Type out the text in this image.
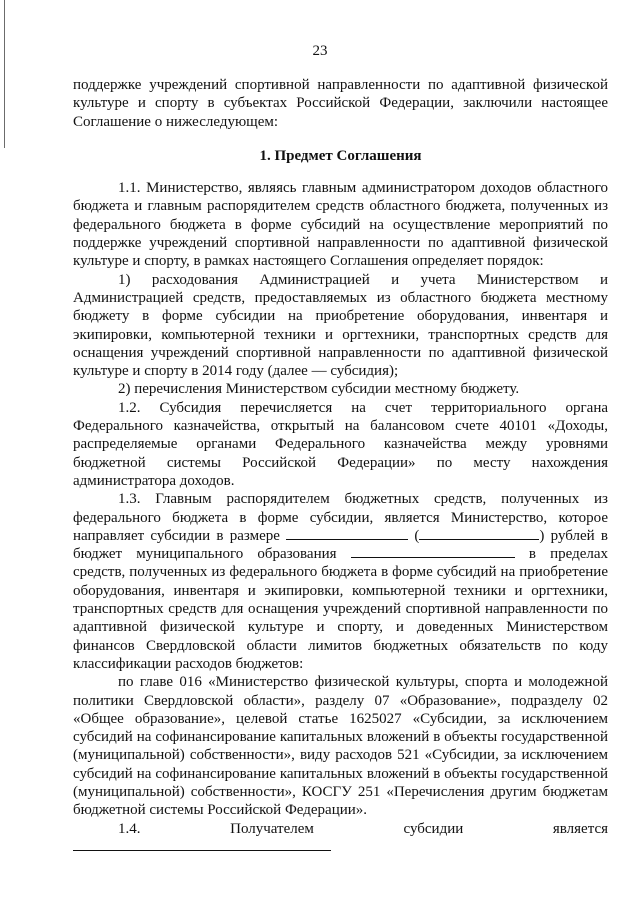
23

поддержке учреждений спортивной направленности по адаптивной физической культуре и спорту в субъектах Российской Федерации, заключили настоящее Соглашение о нижеследующем:

1. Предмет Соглашения

1.1. Министерство, являясь главным администратором доходов областного бюджета и главным распорядителем средств областного бюджета, полученных из федерального бюджета в форме субсидий на осуществление мероприятий по поддержке учреждений спортивной направленности по адаптивной физической культуре и спорту, в рамках настоящего Соглашения определяет порядок:

1) расходования Администрацией и учета Министерством и Администрацией средств, предоставляемых из областного бюджета местному бюджету в форме субсидии на приобретение оборудования, инвентаря и экипировки, компьютерной техники и оргтехники, транспортных средств для оснащения учреждений спортивной направленности по адаптивной физической культуре и спорту в 2014 году (далее — субсидия);

2) перечисления Министерством субсидии местному бюджету.

1.2. Субсидия перечисляется на счет территориального органа Федерального казначейства, открытый на балансовом счете 40101 «Доходы, распределяемые органами Федерального казначейства между уровнями бюджетной системы Российской Федерации» по месту нахождения администратора доходов.

1.3. Главным распорядителем бюджетных средств, полученных из федерального бюджета в форме субсидии, является Министерство, которое направляет субсидии в размере	(	) рублей в бюджет муниципального образования	в пределах средств, полученных из федерального бюджета в форме субсидий на приобретение оборудования, инвентаря и экипировки, компьютерной техники и оргтехники, транспортных средств для оснащения учреждений спортивной направленности по адаптивной физической культуре и спорту, и доведенных Министерством финансов Свердловской области лимитов бюджетных обязательств по коду классификации расходов бюджетов:

по главе 016 «Министерство физической культуры, спорта и молодежной политики Свердловской области», разделу 07 «Образование», подразделу 02 «Общее образование», целевой статье 1625027 «Субсидии, за исключением субсидий на софинансирование капитальных вложений в объекты государственной (муниципальной) собственности», виду расходов 521 «Субсидии, за исключением субсидий на софинансирование капитальных вложений в объекты государственной (муниципальной) собственности», КОСГУ 251 «Перечисления другим бюджетам бюджетной системы Российской Федерации».

1.4. Получателем субсидии является
